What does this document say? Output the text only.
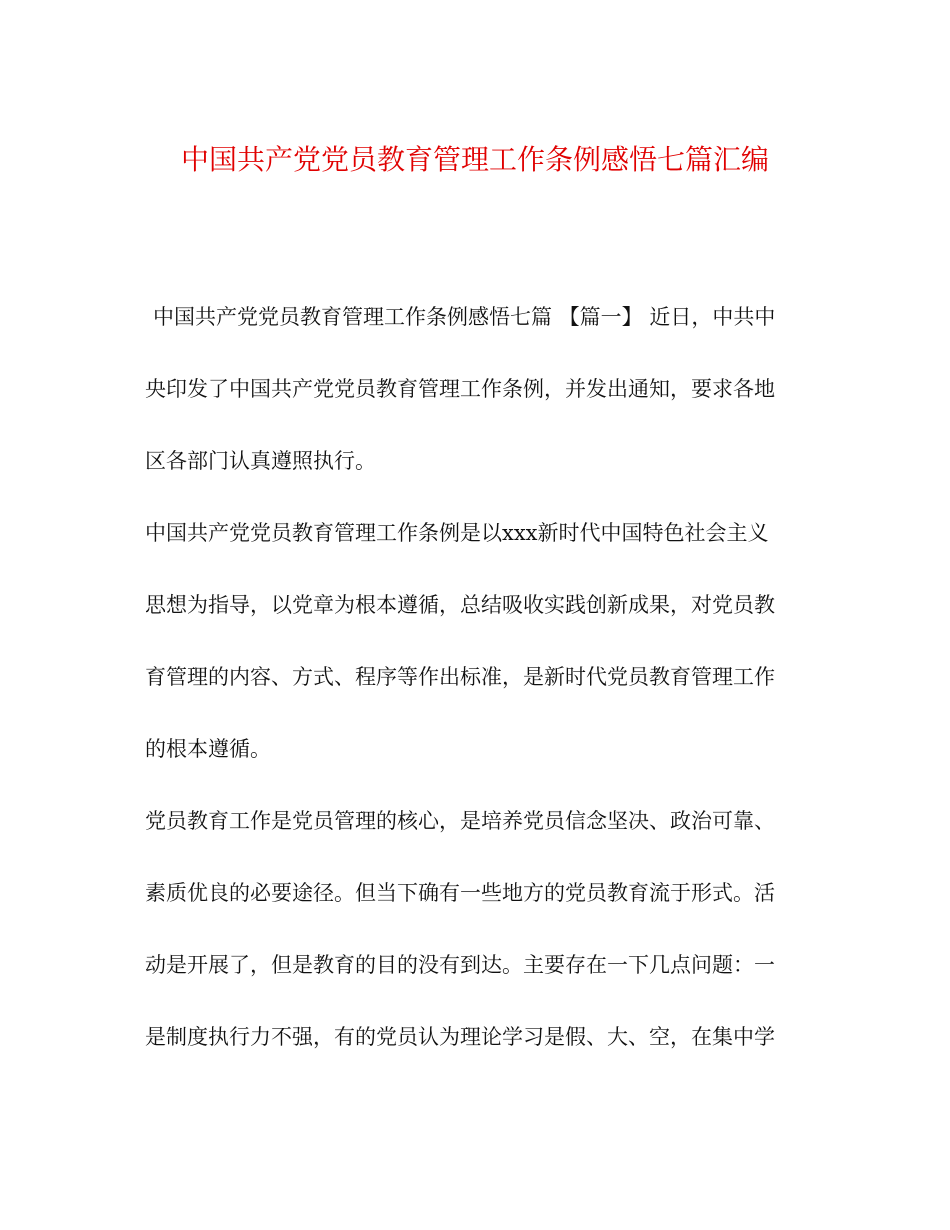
中国共产党党员教育管理工作条例感悟七篇汇编
中国共产党党员教育管理工作条例感悟七篇 【篇一】 近日，中共中
央印发了中国共产党党员教育管理工作条例，并发出通知，要求各地
区各部门认真遵照执行。
中国共产党党员教育管理工作条例是以xxx新时代中国特色社会主义
思想为指导，以党章为根本遵循，总结吸收实践创新成果，对党员教
育管理的内容、方式、程序等作出标准，是新时代党员教育管理工作
的根本遵循。
党员教育工作是党员管理的核心，是培养党员信念坚决、政治可靠、
素质优良的必要途径。但当下确有一些地方的党员教育流于形式。活
动是开展了，但是教育的目的没有到达。主要存在一下几点问题：一
是制度执行力不强，有的党员认为理论学习是假、大、空，在集中学
